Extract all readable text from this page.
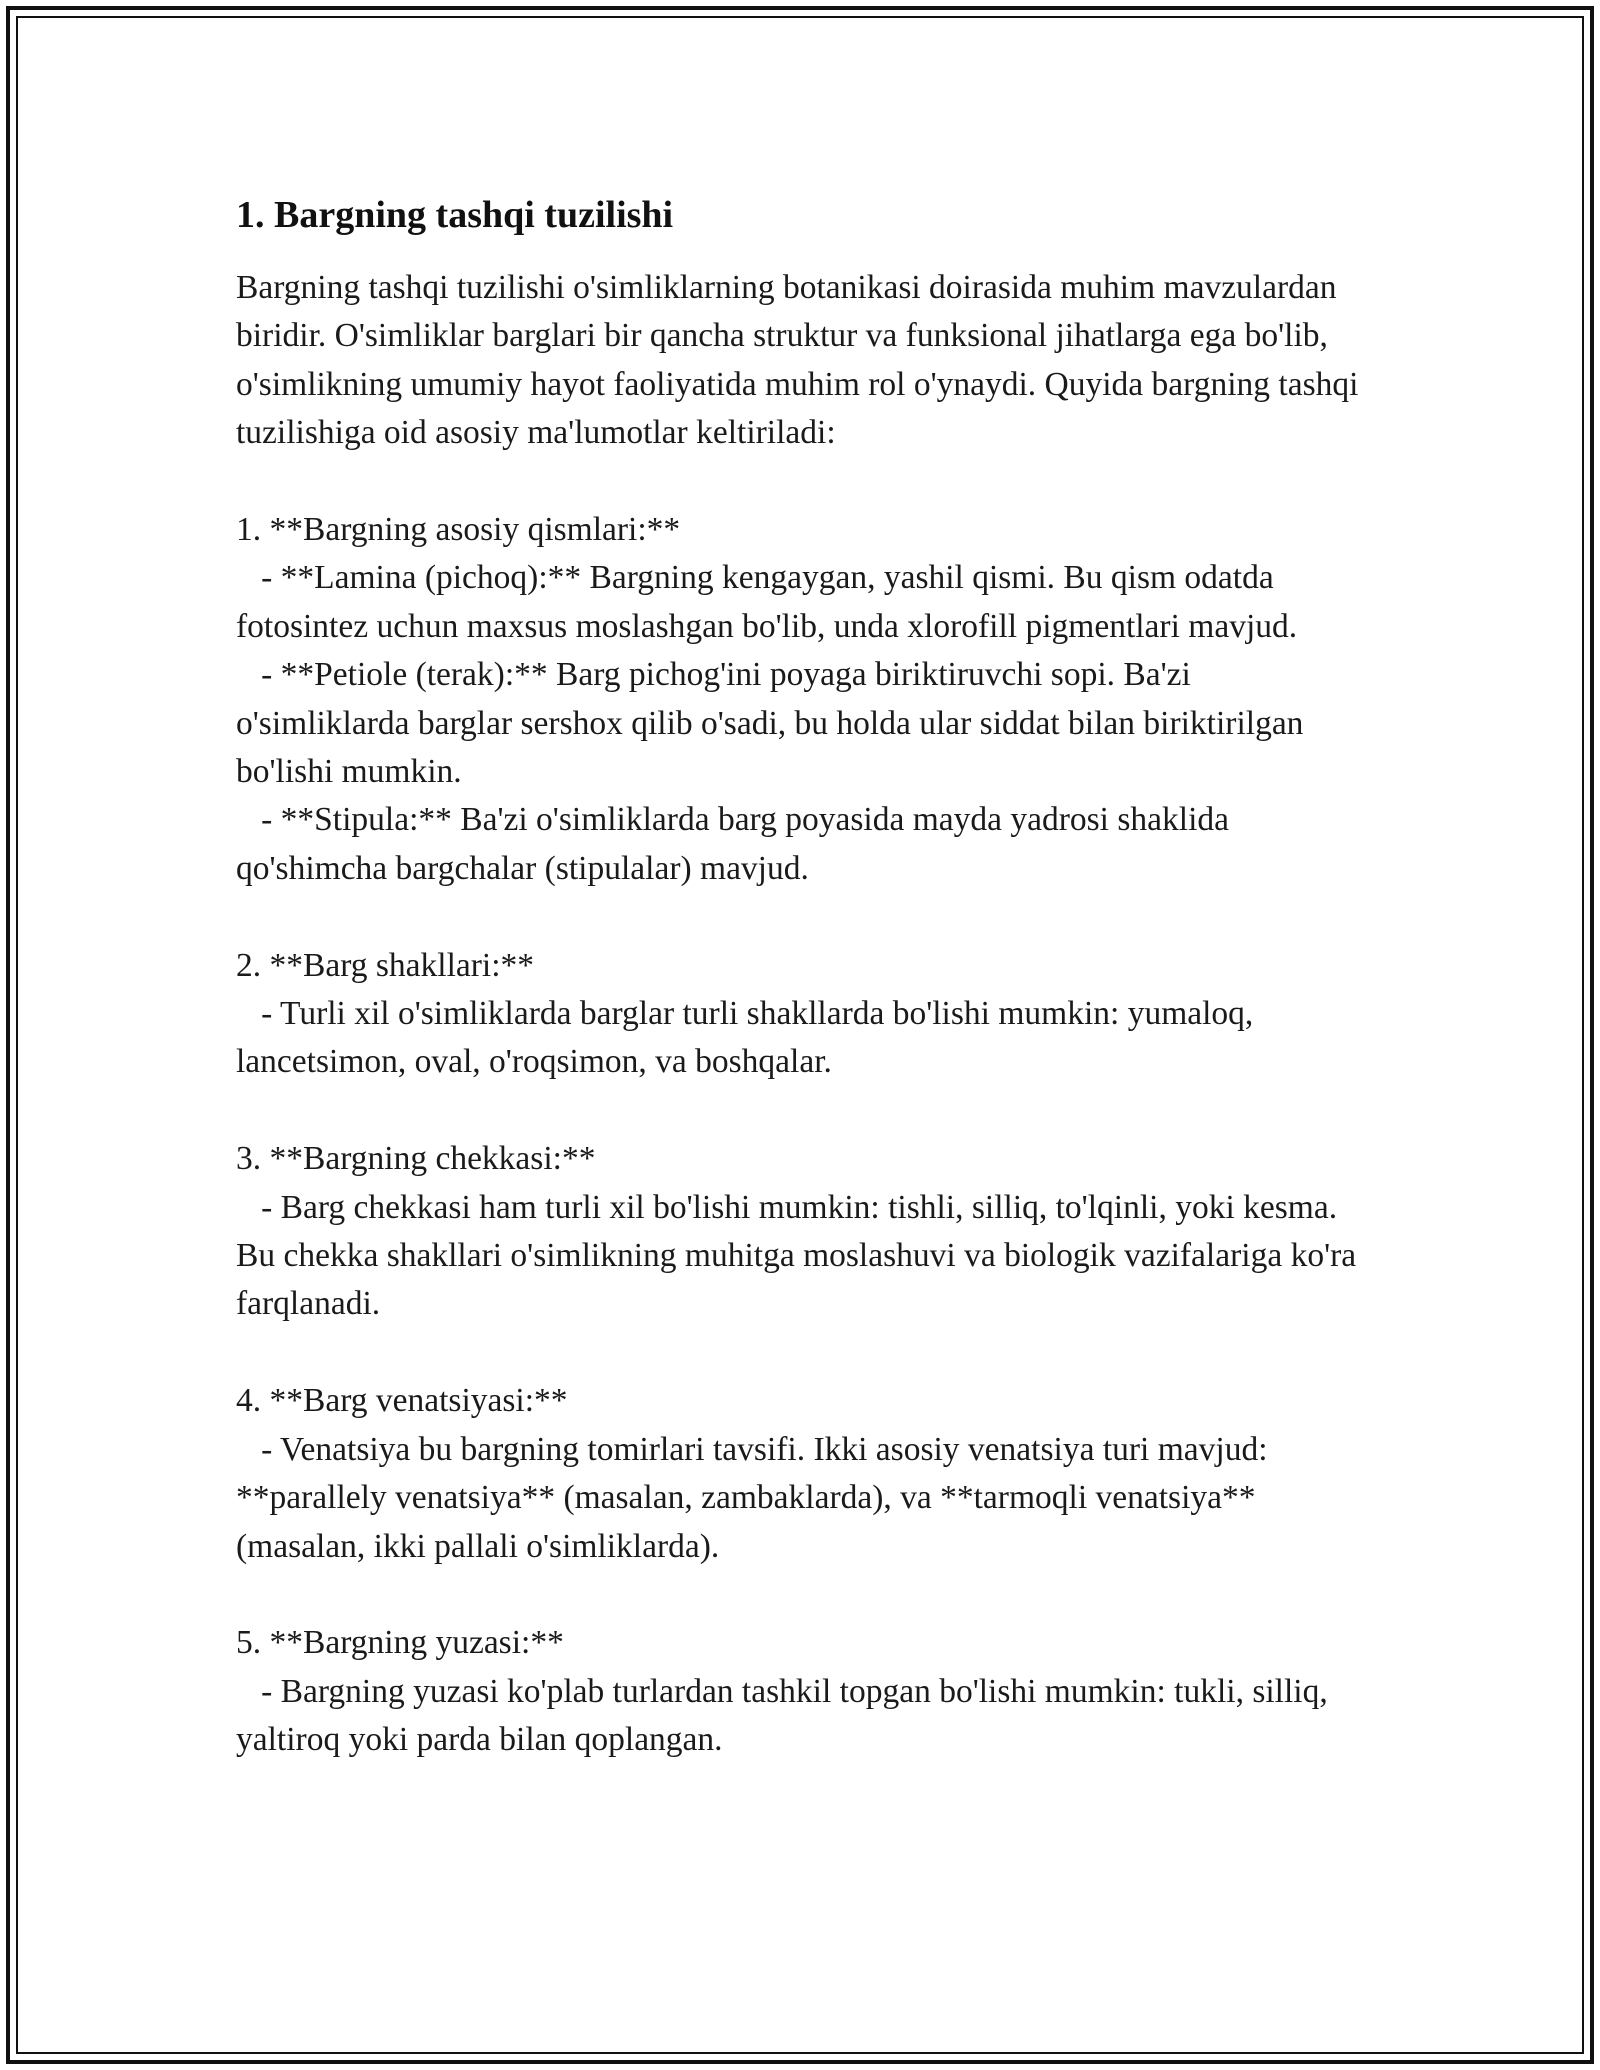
1. Bargning tashqi tuzilishi

Bargning tashqi tuzilishi o'simliklarning botanikasi doirasida muhim mavzulardan biridir. O'simliklar barglari bir qancha struktur va funksional jihatlarga ega bo'lib, o'simlikning umumiy hayot faoliyatida muhim rol o'ynaydi. Quyida bargning tashqi tuzilishiga oid asosiy ma'lumotlar keltiriladi:

1. **Bargning asosiy qismlari:**

- **Lamina (pichoq):** Bargning kengaygan, yashil qismi. Bu qism odatda fotosintez uchun maxsus moslashgan bo'lib, unda xlorofill pigmentlari mavjud.

- **Petiole (terak):** Barg pichog'ini poyaga biriktiruvchi sopi. Ba'zi o'simliklarda barglar sershox qilib o'sadi, bu holda ular siddat bilan biriktirilgan bo'lishi mumkin.

- **Stipula:** Ba'zi o'simliklarda barg poyasida mayda yadrosi shaklida qo'shimcha bargchalar (stipulalar) mavjud.

2. **Barg shakllari:**

- Turli xil o'simliklarda barglar turli shakllarda bo'lishi mumkin: yumaloq, lancetsimon, oval, o'roqsimon, va boshqalar.

3. **Bargning chekkasi:**

- Barg chekkasi ham turli xil bo'lishi mumkin: tishli, silliq, to'lqinli, yoki kesma. Bu chekka shakllari o'simlikning muhitga moslashuvi va biologik vazifalariga ko'ra farqlanadi.

4. **Barg venatsiyasi:**

- Venatsiya bu bargning tomirlari tavsifi. Ikki asosiy venatsiya turi mavjud: **parallely venatsiya** (masalan, zambaklarda), va **tarmoqli venatsiya** (masalan, ikki pallali o'simliklarda).

5. **Bargning yuzasi:**

- Bargning yuzasi ko'plab turlardan tashkil topgan bo'lishi mumkin: tukli, silliq, yaltiroq yoki parda bilan qoplangan.
